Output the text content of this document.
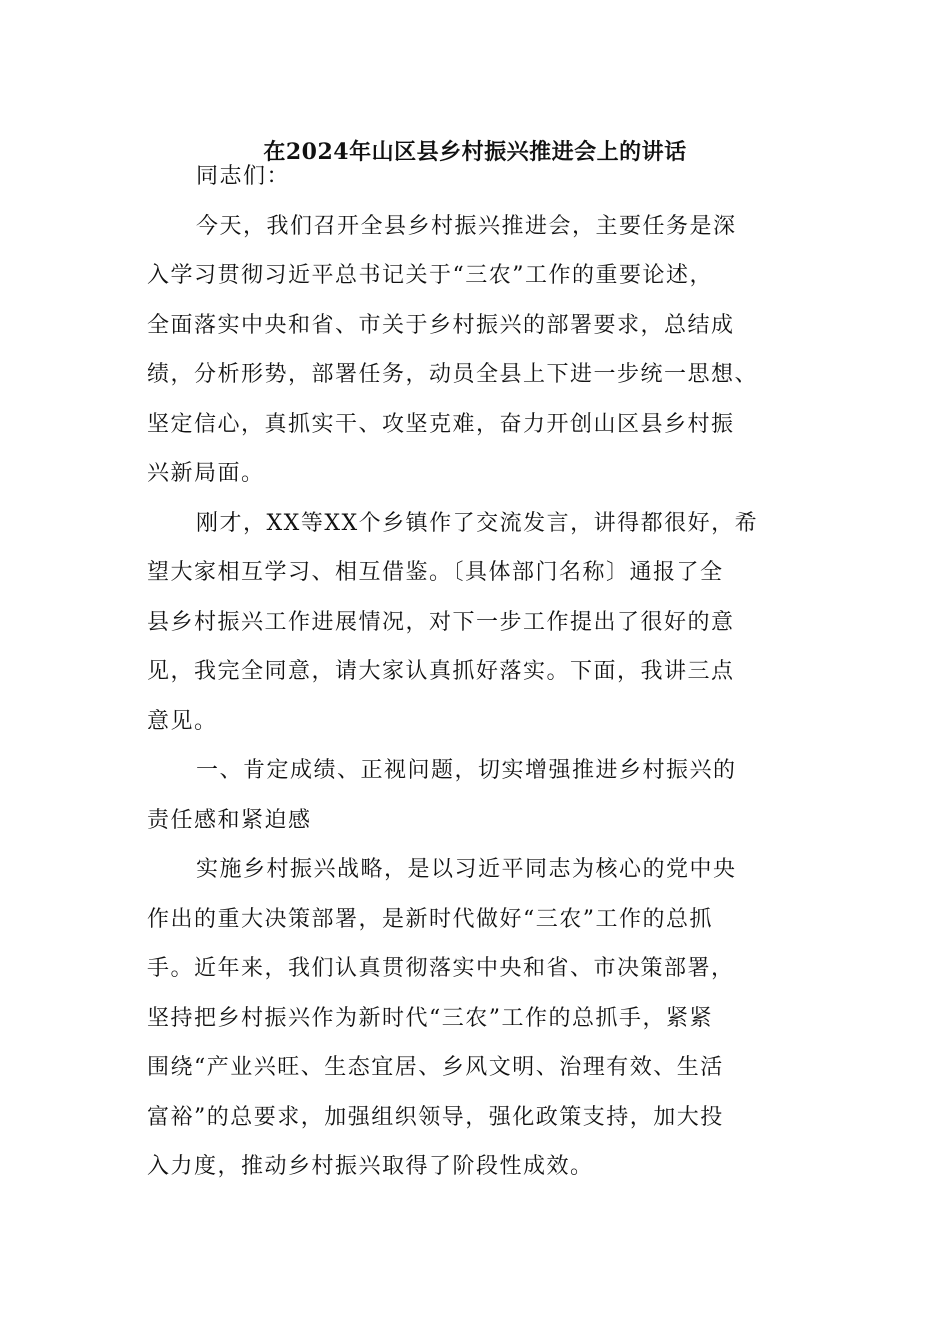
在2024年山区县乡村振兴推进会上的讲话
同志们：
今天，我们召开全县乡村振兴推进会，主要任务是深
入学习贯彻习近平总书记关于“三农”工作的重要论述，
全面落实中央和省、市关于乡村振兴的部署要求，总结成
绩，分析形势，部署任务，动员全县上下进一步统一思想、
坚定信心，真抓实干、攻坚克难，奋力开创山区县乡村振
兴新局面。
刚才，XX等XX个乡镇作了交流发言，讲得都很好，希
望大家相互学习、相互借鉴。〔具体部门名称〕通报了全
县乡村振兴工作进展情况，对下一步工作提出了很好的意
见，我完全同意，请大家认真抓好落实。下面，我讲三点
意见。
一、肯定成绩、正视问题，切实增强推进乡村振兴的
责任感和紧迫感
实施乡村振兴战略，是以习近平同志为核心的党中央
作出的重大决策部署，是新时代做好“三农”工作的总抓
手。近年来，我们认真贯彻落实中央和省、市决策部署，
坚持把乡村振兴作为新时代“三农”工作的总抓手，紧紧
围绕“产业兴旺、生态宜居、乡风文明、治理有效、生活
富裕”的总要求，加强组织领导，强化政策支持，加大投
入力度，推动乡村振兴取得了阶段性成效。
